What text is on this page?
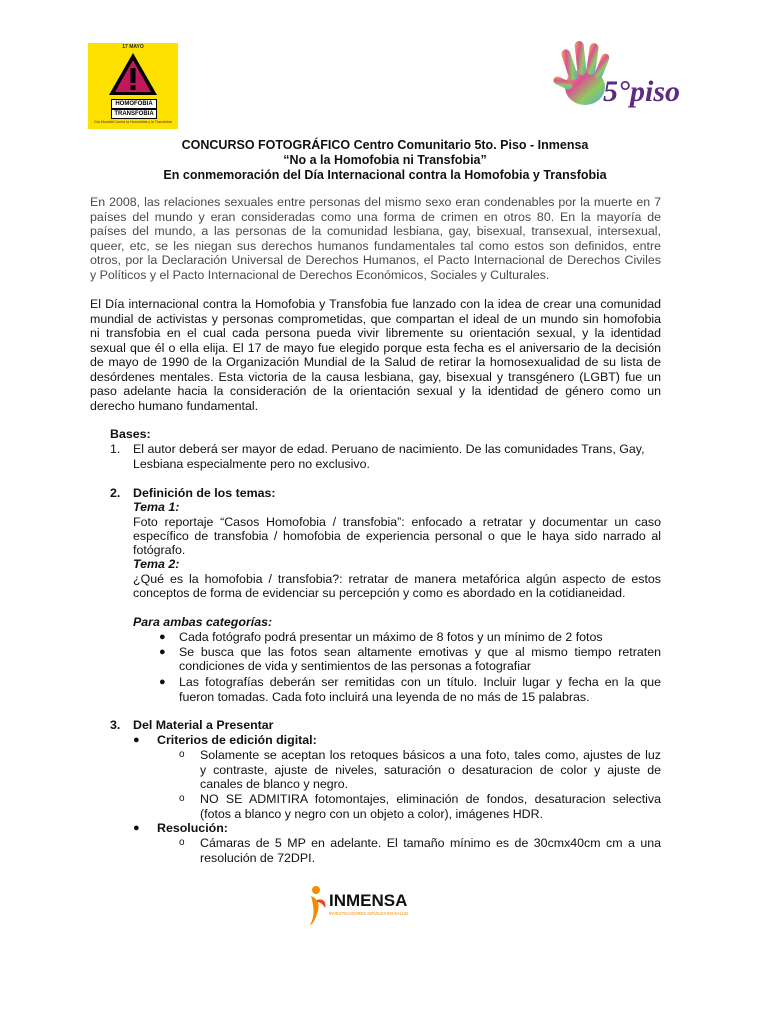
17 MAYO
HOMOFOBIA
TRANSFOBIA
Día Mundial Contra la Homofobia y la Transfobia
5°piso
CONCURSO FOTOGRÁFICO Centro Comunitario 5to. Piso - Inmensa
“No a la Homofobia ni Transfobia”
En conmemoración del Día Internacional contra la Homofobia y Transfobia
En 2008, las relaciones sexuales entre personas del mismo sexo eran condenables por la muerte en 7
países del mundo y eran consideradas como una forma de crimen en otros 80. En la mayoría de
países del mundo, a las personas de la comunidad lesbiana, gay, bisexual, transexual, intersexual,
queer, etc, se les niegan sus derechos humanos fundamentales tal como estos son definidos, entre
otros, por la Declaración Universal de Derechos Humanos, el Pacto Internacional de Derechos Civiles
y Políticos y el Pacto Internacional de Derechos Económicos, Sociales y Culturales.
El Día internacional contra la Homofobia y Transfobia fue lanzado con la idea de crear una comunidad
mundial de activistas y personas comprometidas, que compartan el ideal de un mundo sin homofobia
ni transfobia en el cual cada persona pueda vivir libremente su orientación sexual, y la identidad
sexual que él o ella elija. El 17 de mayo fue elegido porque esta fecha es el aniversario de la decisión
de mayo de 1990 de la Organización Mundial de la Salud de retirar la homosexualidad de su lista de
desórdenes mentales. Esta victoria de la causa lesbiana, gay, bisexual y transgénero (LGBT) fue un
paso adelante hacia la consideración de la orientación sexual y la identidad de género como un
derecho humano fundamental.
Bases:
1. El autor deberá ser mayor de edad. Peruano de nacimiento. De las comunidades Trans, Gay,
Lesbiana especialmente pero no exclusivo.
2. Definición de los temas:
Tema 1:
Foto reportaje “Casos Homofobia / transfobia”: enfocado a retratar y documentar un caso
específico de transfobia / homofobia de experiencia personal o que le haya sido narrado al
fotógrafo.
Tema 2:
¿Qué es la homofobia / transfobia?: retratar de manera metafórica algún aspecto de estos
conceptos de forma de evidenciar su percepción y como es abordado en la cotidianeidad.
Para ambas categorías:
● Cada fotógrafo podrá presentar un máximo de 8 fotos y un mínimo de 2 fotos
● Se busca que las fotos sean altamente emotivas y que al mismo tiempo retraten
condiciones de vida y sentimientos de las personas a fotografiar
● Las fotografías deberán ser remitidas con un título. Incluir lugar y fecha en la que
fueron tomadas. Cada foto incluirá una leyenda de no más de 15 palabras.
3. Del Material a Presentar
● Criterios de edición digital:
o Solamente se aceptan los retoques básicos a una foto, tales como, ajustes de luz
y contraste, ajuste de niveles, saturación o desaturacion de color y ajuste de
canales de blanco y negro.
o NO SE ADMITIRA fotomontajes, eliminación de fondos, desaturacion selectiva
(fotos a blanco y negro con un objeto a color), imágenes HDR.
● Resolución:
o Cámaras de 5 MP en adelante. El tamaño mínimo es de 30cmx40cm cm a una
resolución de 72DPI.
INMENSA
INVESTIGADORES MÓVILES EN SALUD
